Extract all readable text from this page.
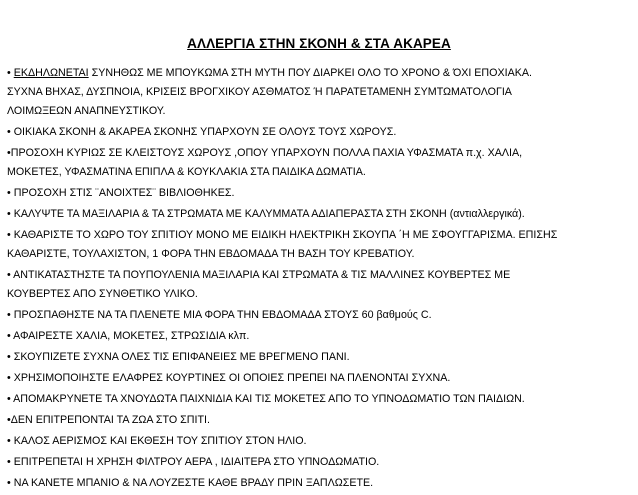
ΑΛΛΕΡΓΙΑ ΣΤΗΝ ΣΚΟΝΗ & ΣΤΑ ΑΚΑΡΕΑ
• ΕΚΔΗΛΩΝΕΤΑΙ ΣΥΝΗΘΩΣ ΜΕ ΜΠΟΥΚΩΜΑ ΣΤΗ ΜΥΤΗ ΠΟΥ ΔΙΑΡΚΕΙ ΟΛΟ ΤΟ ΧΡΟΝΟ & ΌΧΙ ΕΠΟΧΙΑΚΑ.
ΣΥΧΝΑ ΒΗΧΑΣ, ΔΥΣΠΝΟΙΑ, ΚΡΙΣΕΙΣ ΒΡΟΓΧΙΚΟΥ ΑΣΘΜΑΤΟΣ Ή ΠΑΡΑΤΕΤΑΜΕΝΗ ΣΥΜΤΩΜΑΤΟΛΟΓΙΑ
ΛΟΙΜΩΞΕΩΝ ΑΝΑΠΝΕΥΣΤΙΚΟΥ.
• ΟΙΚΙΑΚΑ ΣΚΟΝΗ & ΑΚΑΡΕΑ ΣΚΟΝΗΣ ΥΠΑΡΧΟΥΝ ΣΕ ΟΛΟΥΣ ΤΟΥΣ ΧΩΡΟΥΣ.
•ΠΡΟΣΟΧΗ ΚΥΡΙΩΣ ΣΕ ΚΛΕΙΣΤΟΥΣ ΧΩΡΟΥΣ ,ΟΠΟΥ ΥΠΑΡΧΟΥΝ ΠΟΛΛΑ ΠΑΧΙΑ ΥΦΑΣΜΑΤΑ π.χ. ΧΑΛΙΑ,
ΜΟΚΕΤΕΣ, ΥΦΑΣΜΑΤΙΝΑ ΕΠΙΠΛΑ & ΚΟΥΚΛΑΚΙΑ ΣΤΑ ΠΑΙΔΙΚΑ ΔΩΜΑΤΙΑ.
• ΠΡΟΣΟΧΗ ΣΤΙΣ ¨ΑΝΟΙΧΤΕΣ¨ ΒΙΒΛΙΟΘΗΚΕΣ.
• ΚΑΛΥΨΤΕ ΤΑ ΜΑΞΙΛΑΡΙΑ & ΤΑ ΣΤΡΩΜΑΤΑ ΜΕ ΚΑΛΥΜΜΑΤΑ ΑΔΙΑΠΕΡΑΣΤΑ ΣΤΗ ΣΚΟΝΗ (αντιαλλεργικά).
• ΚΑΘΑΡΙΣΤΕ ΤΟ ΧΩΡΟ ΤΟΥ ΣΠΙΤΙΟΥ ΜΟΝΟ ΜΕ ΕΙΔΙΚΗ ΗΛΕΚΤΡΙΚΗ ΣΚΟΥΠΑ ΄Η ΜΕ ΣΦΟΥΓΓΑΡΙΣΜΑ. ΕΠΙΣΗΣ
ΚΑΘΑΡΙΣΤΕ, ΤΟΥΛΑΧΙΣΤΟΝ, 1 ΦΟΡΑ ΤΗΝ ΕΒΔΟΜΑΔΑ ΤΗ ΒΑΣΗ ΤΟΥ ΚΡΕΒΑΤΙΟΥ.
• ΑΝΤΙΚΑΤΑΣΤΗΣΤΕ ΤΑ ΠΟΥΠΟΥΛΕΝΙΑ ΜΑΞΙΛΑΡΙΑ ΚΑΙ ΣΤΡΩΜΑΤΑ & ΤΙΣ ΜΑΛΛΙΝΕΣ ΚΟΥΒΕΡΤΕΣ ΜΕ
ΚΟΥΒΕΡΤΕΣ ΑΠΟ ΣΥΝΘΕΤΙΚΟ ΥΛΙΚΟ.
• ΠΡΟΣΠΑΘΗΣΤΕ ΝΑ ΤΑ ΠΛΕΝΕΤΕ ΜΙΑ ΦΟΡΑ ΤΗΝ ΕΒΔΟΜΑΔΑ ΣΤΟΥΣ 60 βαθμούς C.
• ΑΦΑΙΡΕΣΤΕ ΧΑΛΙΑ, ΜΟΚΕΤΕΣ, ΣΤΡΩΣΙΔΙΑ κλπ.
• ΣΚΟΥΠΙΖΕΤΕ ΣΥΧΝΑ ΟΛΕΣ ΤΙΣ ΕΠΙΦΑΝΕΙΕΣ ΜΕ ΒΡΕΓΜΕΝΟ ΠΑΝΙ.
• ΧΡΗΣΙΜΟΠΟΙΗΣΤΕ ΕΛΑΦΡΕΣ ΚΟΥΡΤΙΝΕΣ ΟΙ ΟΠΟΙΕΣ ΠΡΕΠΕΙ ΝΑ ΠΛΕΝΟΝΤΑΙ ΣΥΧΝΑ.
• ΑΠΟΜΑΚΡΥΝΕΤΕ ΤΑ ΧΝΟΥΔΩΤΑ ΠΑΙΧΝΙΔΙΑ ΚΑΙ ΤΙΣ ΜΟΚΕΤΕΣ ΑΠΟ ΤΟ ΥΠΝΟΔΩΜΑΤΙΟ ΤΩΝ ΠΑΙΔΙΩΝ.
•ΔΕΝ ΕΠΙΤΡΕΠΟΝΤΑΙ ΤΑ ΖΩΑ ΣΤΟ ΣΠΙΤΙ.
• ΚΑΛΟΣ ΑΕΡΙΣΜΟΣ ΚΑΙ ΕΚΘΕΣΗ ΤΟΥ ΣΠΙΤΙΟΥ ΣΤΟΝ ΗΛΙΟ.
• ΕΠΙΤΡΕΠΕΤΑΙ Η ΧΡΗΣΗ ΦΙΛΤΡΟΥ ΑΕΡΑ , ΙΔΙΑΙΤΕΡΑ ΣΤΟ ΥΠΝΟΔΩΜΑΤΙΟ.
• ΝΑ ΚΑΝΕΤΕ ΜΠΑΝΙΟ & ΝΑ ΛΟΥΖΕΣΤΕ ΚΑΘΕ ΒΡΑΔΥ ΠΡΙΝ ΞΑΠΛΩΣΕΤΕ.
